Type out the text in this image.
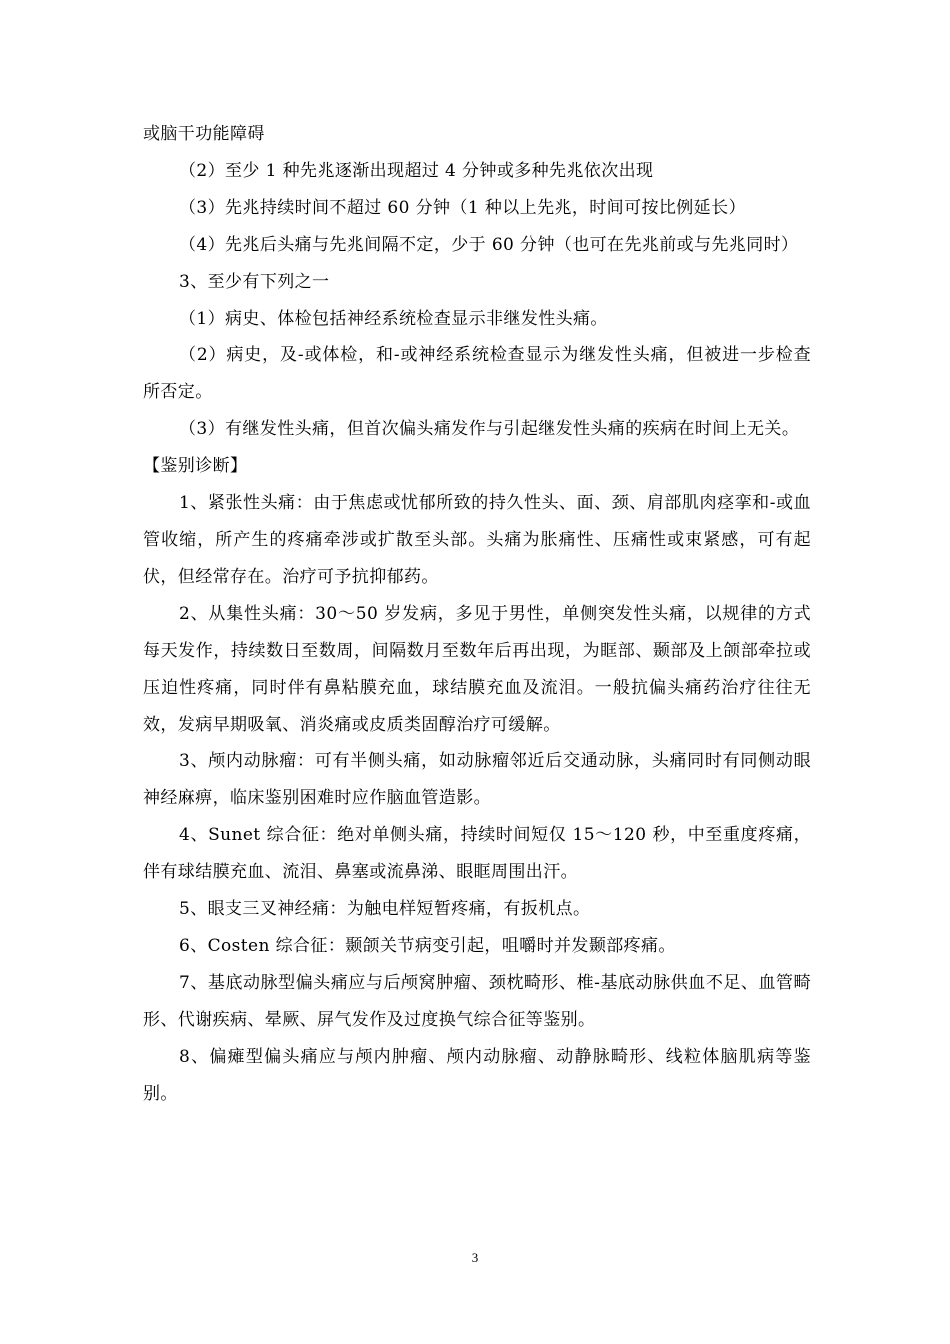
或脑干功能障碍

（2）至少 1 种先兆逐渐出现超过 4 分钟或多种先兆依次出现

（3）先兆持续时间不超过 60 分钟（1 种以上先兆，时间可按比例延长）

（4）先兆后头痛与先兆间隔不定，少于 60 分钟（也可在先兆前或与先兆同时）

3、至少有下列之一

（1）病史、体检包括神经系统检查显示非继发性头痛。

（2）病史，及-或体检，和-或神经系统检查显示为继发性头痛，但被进一步检查所否定。

（3）有继发性头痛，但首次偏头痛发作与引起继发性头痛的疾病在时间上无关。

【鉴别诊断】

1、紧张性头痛：由于焦虑或忧郁所致的持久性头、面、颈、肩部肌肉痉挛和-或血管收缩，所产生的疼痛牵涉或扩散至头部。头痛为胀痛性、压痛性或束紧感，可有起伏，但经常存在。治疗可予抗抑郁药。

2、从集性头痛：30～50 岁发病，多见于男性，单侧突发性头痛，以规律的方式每天发作，持续数日至数周，间隔数月至数年后再出现，为眶部、颞部及上颌部牵拉或压迫性疼痛，同时伴有鼻粘膜充血，球结膜充血及流泪。一般抗偏头痛药治疗往往无效，发病早期吸氧、消炎痛或皮质类固醇治疗可缓解。

3、颅内动脉瘤：可有半侧头痛，如动脉瘤邻近后交通动脉，头痛同时有同侧动眼神经麻痹，临床鉴别困难时应作脑血管造影。

4、Sunet 综合征：绝对单侧头痛，持续时间短仅 15～120 秒，中至重度疼痛，伴有球结膜充血、流泪、鼻塞或流鼻涕、眼眶周围出汗。

5、眼支三叉神经痛：为触电样短暂疼痛，有扳机点。

6、Costen 综合征：颞颌关节病变引起，咀嚼时并发颞部疼痛。

7、基底动脉型偏头痛应与后颅窝肿瘤、颈枕畸形、椎-基底动脉供血不足、血管畸形、代谢疾病、晕厥、屏气发作及过度换气综合征等鉴别。

8、偏瘫型偏头痛应与颅内肿瘤、颅内动脉瘤、动静脉畸形、线粒体脑肌病等鉴别。

3
